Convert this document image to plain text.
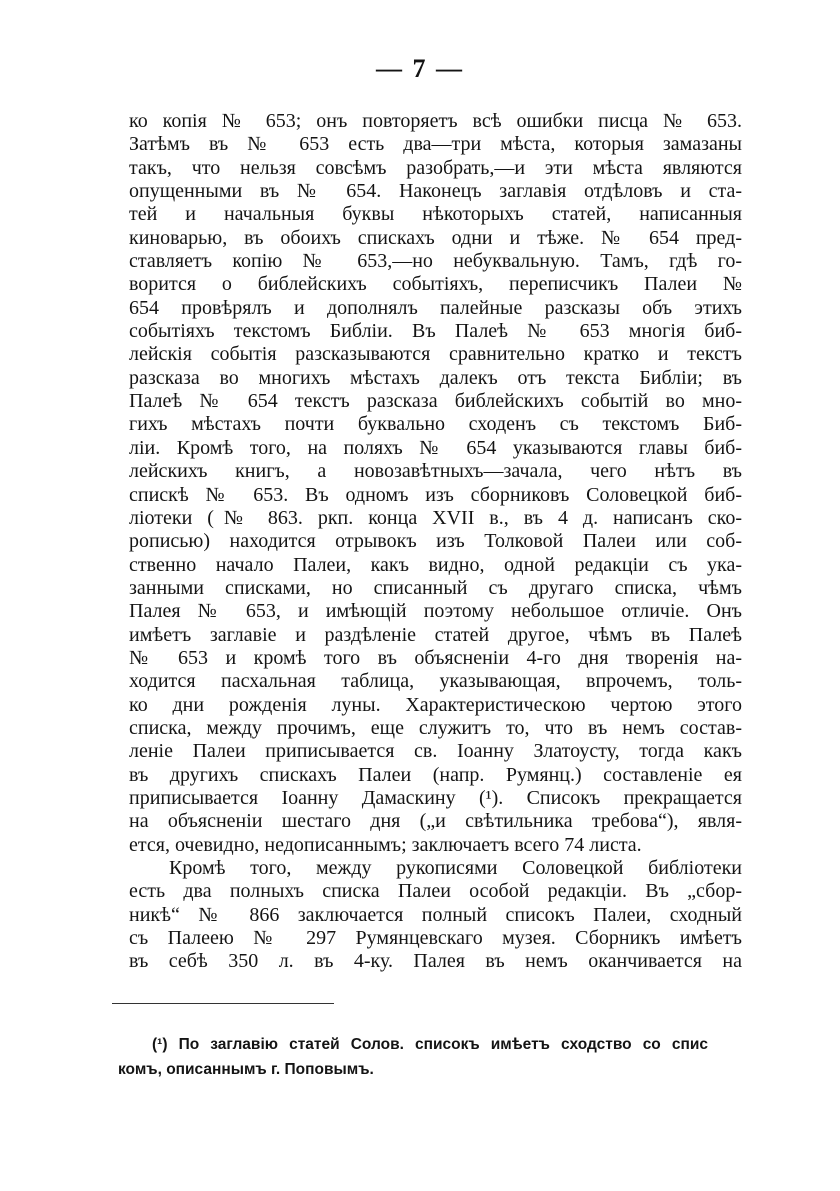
— 7 —
ко копія № 653; онъ повторяетъ всѣ ошибки писца № 653.
Затѣмъ въ № 653 есть два—три мѣста, которыя замазаны
такъ, что нельзя совсѣмъ разобрать,—и эти мѣста являются
опущенными въ № 654. Наконецъ заглавія отдѣловъ и ста-
тей и начальныя буквы нѣкоторыхъ статей, написанныя
киноварью, въ обоихъ спискахъ одни и тѣже. № 654 пред-
ставляетъ копію № 653,—но небуквальную. Тамъ, гдѣ го-
ворится о библейскихъ событіяхъ, переписчикъ Палеи №
654 провѣрялъ и дополнялъ палейные разсказы объ этихъ
событіяхъ текстомъ Библіи. Въ Палеѣ № 653 многія биб-
лейскія событія разсказываются сравнительно кратко и текстъ
разсказа во многихъ мѣстахъ далекъ отъ текста Библіи; въ
Палеѣ № 654 текстъ разсказа библейскихъ событій во мно-
гихъ мѣстахъ почти буквально сходенъ съ текстомъ Биб-
ліи. Кромѣ того, на поляхъ № 654 указываются главы биб-
лейскихъ книгъ, а новозавѣтныхъ—зачала, чего нѣтъ въ
спискѣ № 653. Въ одномъ изъ сборниковъ Соловецкой биб-
ліотеки (№ 863. ркп. конца XVII в., въ 4 д. написанъ ско-
рописью) находится отрывокъ изъ Толковой Палеи или соб-
ственно начало Палеи, какъ видно, одной редакціи съ ука-
занными списками, но списанный съ другаго списка, чѣмъ
Палея № 653, и имѣющій поэтому небольшое отличіе. Онъ
имѣетъ заглавіе и раздѣленіе статей другое, чѣмъ въ Палеѣ
№ 653 и кромѣ того въ объясненіи 4-го дня творенія на-
ходится пасхальная таблица, указывающая, впрочемъ, толь-
ко дни рожденія луны. Характеристическою чертою этого
списка, между прочимъ, еще служитъ то, что въ немъ состав-
леніе Палеи приписывается св. Іоанну Златоусту, тогда какъ
въ другихъ спискахъ Палеи (напр. Румянц.) составленіе ея
приписывается Іоанну Дамаскину (¹). Списокъ прекращается
на объясненіи шестаго дня („и свѣтильника требова“), явля-
ется, очевидно, недописаннымъ; заключаетъ всего 74 листа.
Кромѣ того, между рукописями Соловецкой библіотеки
есть два полныхъ списка Палеи особой редакціи. Въ „сбор-
никѣ“ № 866 заключается полный списокъ Палеи, сходный
съ Палеею № 297 Румянцевскаго музея. Сборникъ имѣетъ
въ себѣ 350 л. въ 4-ку. Палея въ немъ оканчивается на
(¹) По заглавію статей Солов. списокъ имѣетъ сходство со спис
комъ, описаннымъ г. Поповымъ.
